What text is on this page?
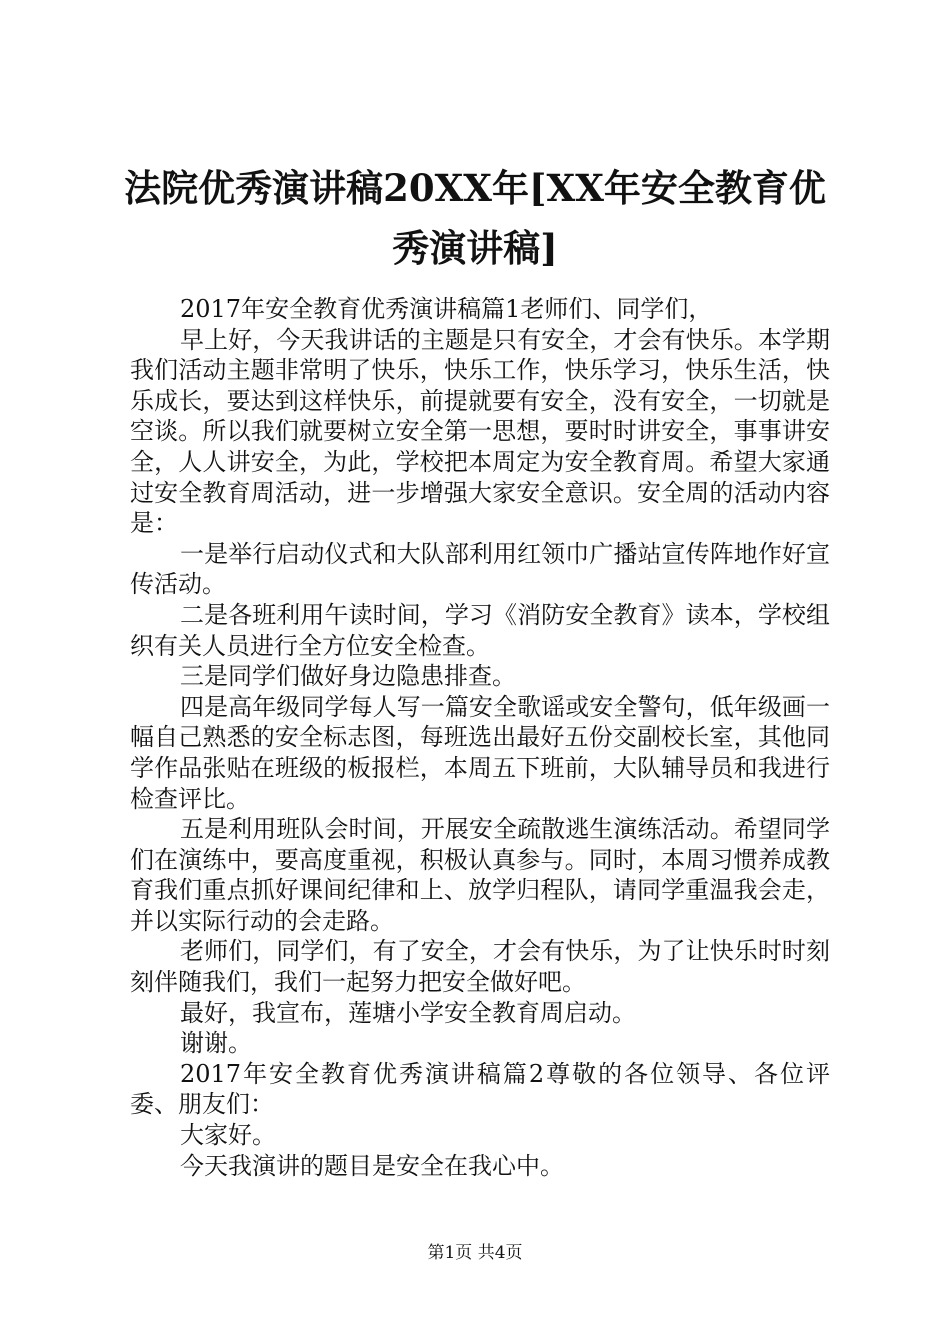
法院优秀演讲稿20XX年[XX年安全教育优秀演讲稿]

2017年安全教育优秀演讲稿篇1老师们、同学们，

早上好，今天我讲话的主题是只有安全，才会有快乐。本学期我们活动主题非常明了快乐，快乐工作，快乐学习，快乐生活，快乐成长，要达到这样快乐，前提就要有安全，没有安全，一切就是空谈。所以我们就要树立安全第一思想，要时时讲安全，事事讲安全，人人讲安全，为此，学校把本周定为安全教育周。希望大家通过安全教育周活动，进一步增强大家安全意识。安全周的活动内容是：

一是举行启动仪式和大队部利用红领巾广播站宣传阵地作好宣传活动。

二是各班利用午读时间，学习《消防安全教育》读本，学校组织有关人员进行全方位安全检查。

三是同学们做好身边隐患排查。

四是高年级同学每人写一篇安全歌谣或安全警句，低年级画一幅自己熟悉的安全标志图，每班选出最好五份交副校长室，其他同学作品张贴在班级的板报栏，本周五下班前，大队辅导员和我进行检查评比。

五是利用班队会时间，开展安全疏散逃生演练活动。希望同学们在演练中，要高度重视，积极认真参与。同时，本周习惯养成教育我们重点抓好课间纪律和上、放学归程队，请同学重温我会走，并以实际行动的会走路。

老师们，同学们，有了安全，才会有快乐，为了让快乐时时刻刻伴随我们，我们一起努力把安全做好吧。

最好，我宣布，莲塘小学安全教育周启动。

谢谢。

2017年安全教育优秀演讲稿篇2尊敬的各位领导、各位评委、朋友们：

大家好。

今天我演讲的题目是安全在我心中。

第1页 共4页
